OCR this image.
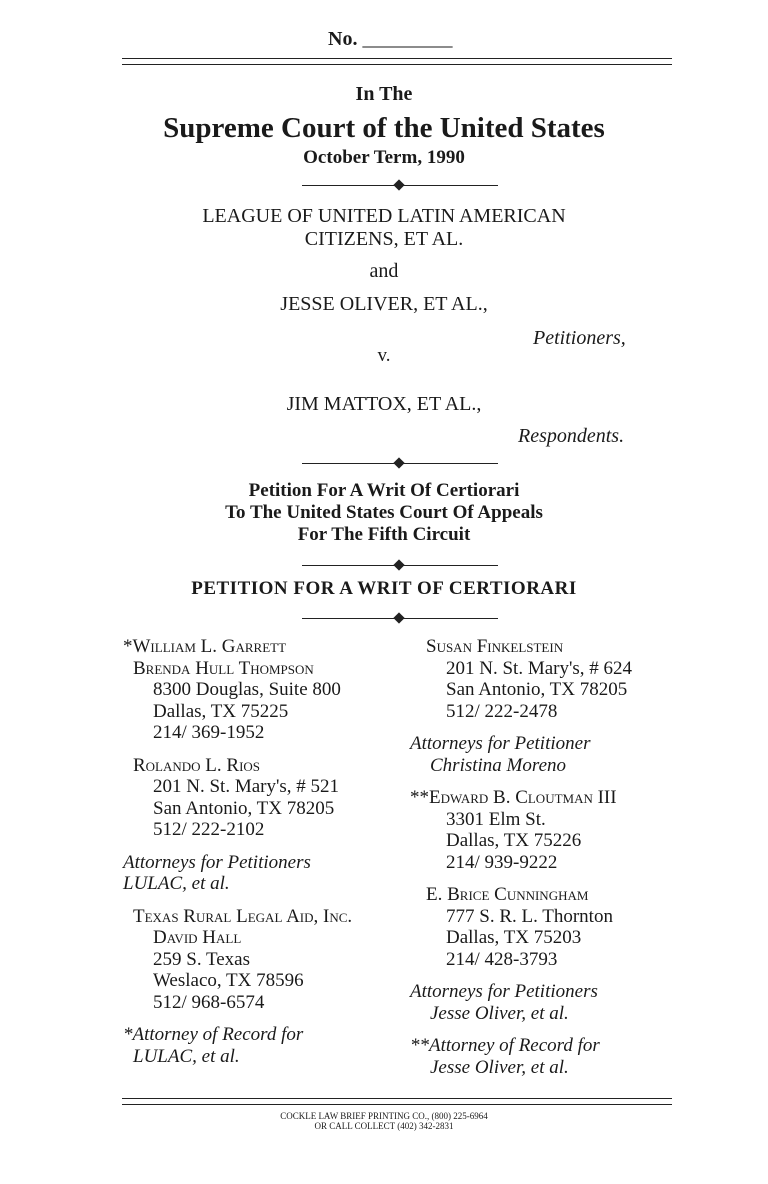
No. _________
In The
Supreme Court of the United States
October Term, 1990
LEAGUE OF UNITED LATIN AMERICAN
CITIZENS, ET AL.
and
JESSE OLIVER, ET AL.,
Petitioners,
v.
JIM MATTOX, ET AL.,
Respondents.
Petition For A Writ Of Certiorari
To The United States Court Of Appeals
For The Fifth Circuit
PETITION FOR A WRIT OF CERTIORARI
*William L. Garrett
Brenda Hull Thompson
8300 Douglas, Suite 800
Dallas, TX 75225
214/ 369-1952
Rolando L. Rios
201 N. St. Mary's, # 521
San Antonio, TX 78205
512/ 222-2102
Attorneys for Petitioners
LULAC, et al.
Texas Rural Legal Aid, Inc.
David Hall
259 S. Texas
Weslaco, TX 78596
512/ 968-6574
*Attorney of Record for
LULAC, et al.
Susan Finkelstein
201 N. St. Mary's, # 624
San Antonio, TX 78205
512/ 222-2478
Attorneys for Petitioner
Christina Moreno
**Edward B. Cloutman III
3301 Elm St.
Dallas, TX 75226
214/ 939-9222
E. Brice Cunningham
777 S. R. L. Thornton
Dallas, TX 75203
214/ 428-3793
Attorneys for Petitioners
Jesse Oliver, et al.
**Attorney of Record for
Jesse Oliver, et al.
COCKLE LAW BRIEF PRINTING CO., (800) 225-6964
OR CALL COLLECT (402) 342-2831
